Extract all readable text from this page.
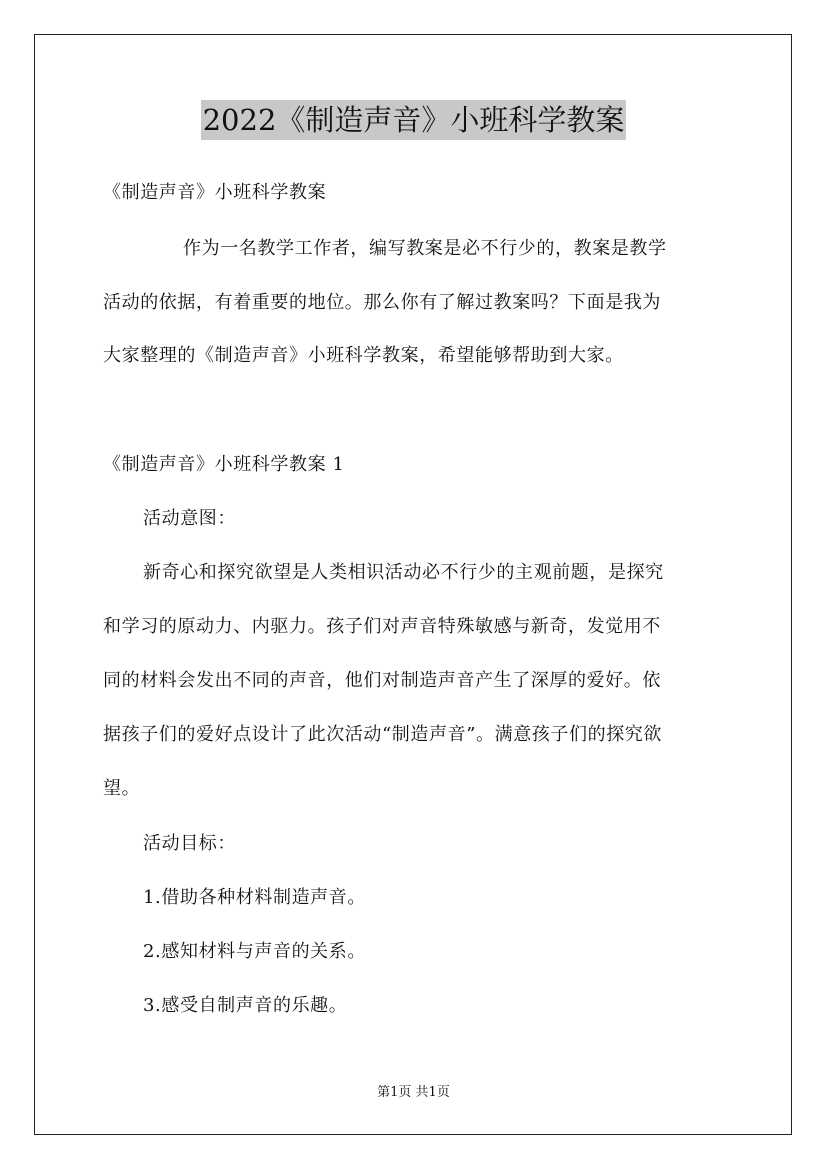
2022《制造声音》小班科学教案
《制造声音》小班科学教案
作为一名教学工作者，编写教案是必不行少的，教案是教学
活动的依据，有着重要的地位。那么你有了解过教案吗？下面是我为
大家整理的《制造声音》小班科学教案，希望能够帮助到大家。
《制造声音》小班科学教案 1
活动意图：
新奇心和探究欲望是人类相识活动必不行少的主观前题，是探究
和学习的原动力、内驱力。孩子们对声音特殊敏感与新奇，发觉用不
同的材料会发出不同的声音，他们对制造声音产生了深厚的爱好。依
据孩子们的爱好点设计了此次活动“制造声音”。满意孩子们的探究欲
望。
活动目标：
1.借助各种材料制造声音。
2.感知材料与声音的关系。
3.感受自制声音的乐趣。
第1页 共1页
